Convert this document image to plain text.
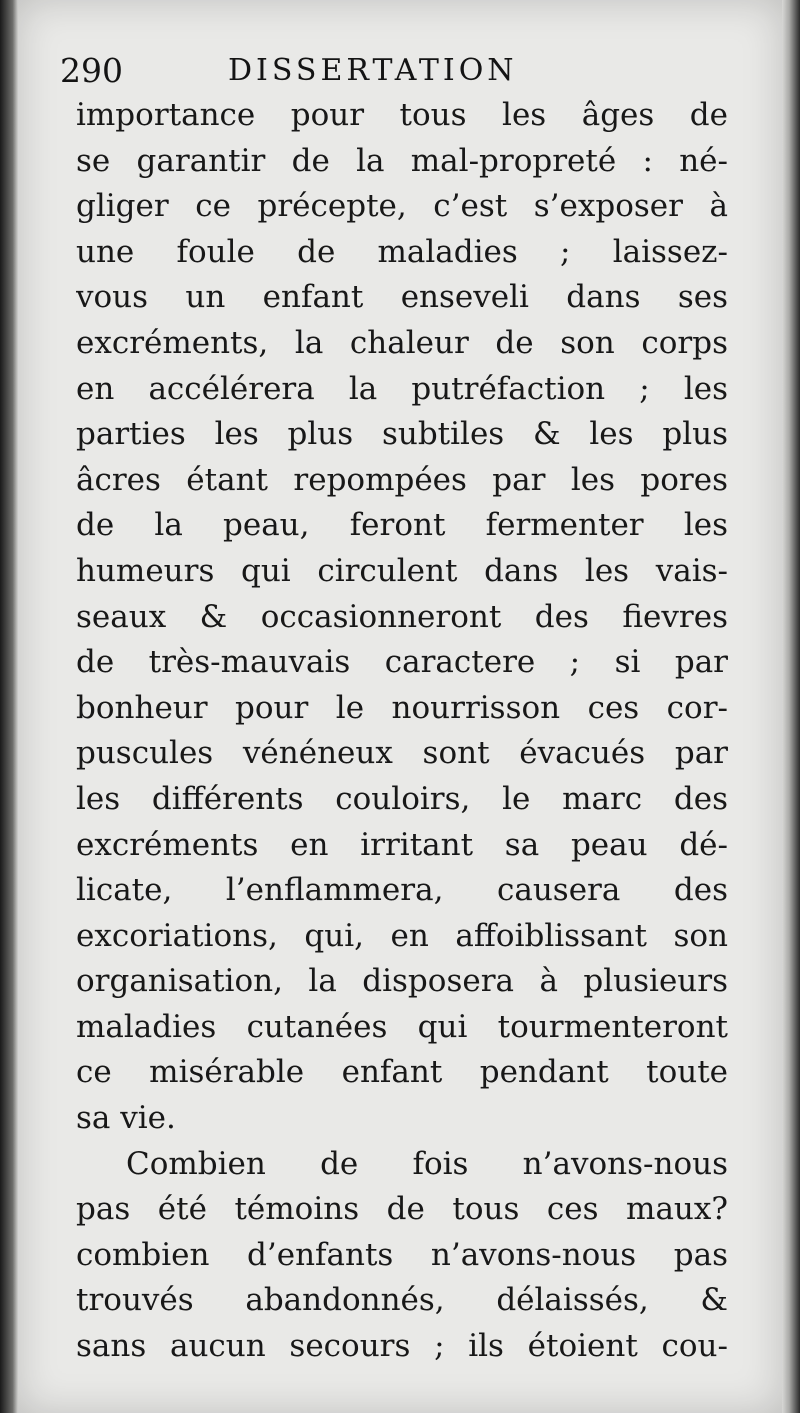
290	DISSERTATION
importance pour tous les âges de
se garantir de la mal-propreté : né-
gliger ce précepte, c’est s’exposer à
une foule de maladies ; laissez-
vous un enfant enseveli dans ses
excréments, la chaleur de son corps
en accélérera la putréfaction ; les
parties les plus subtiles & les plus
âcres étant repompées par les pores
de la peau, feront fermenter les
humeurs qui circulent dans les vais-
seaux & occasionneront des fievres
de très-mauvais caractere ; si par
bonheur pour le nourrisson ces cor-
puscules vénéneux sont évacués par
les différents couloirs, le marc des
excréments en irritant sa peau dé-
licate, l’enflammera, causera des
excoriations, qui, en affoiblissant son
organisation, la disposera à plusieurs
maladies cutanées qui tourmenteront
ce misérable enfant pendant toute
sa vie.
Combien de fois n’avons-nous
pas été témoins de tous ces maux?
combien d’enfants n’avons-nous pas
trouvés abandonnés, délaissés, &
sans aucun secours ; ils étoient cou-
